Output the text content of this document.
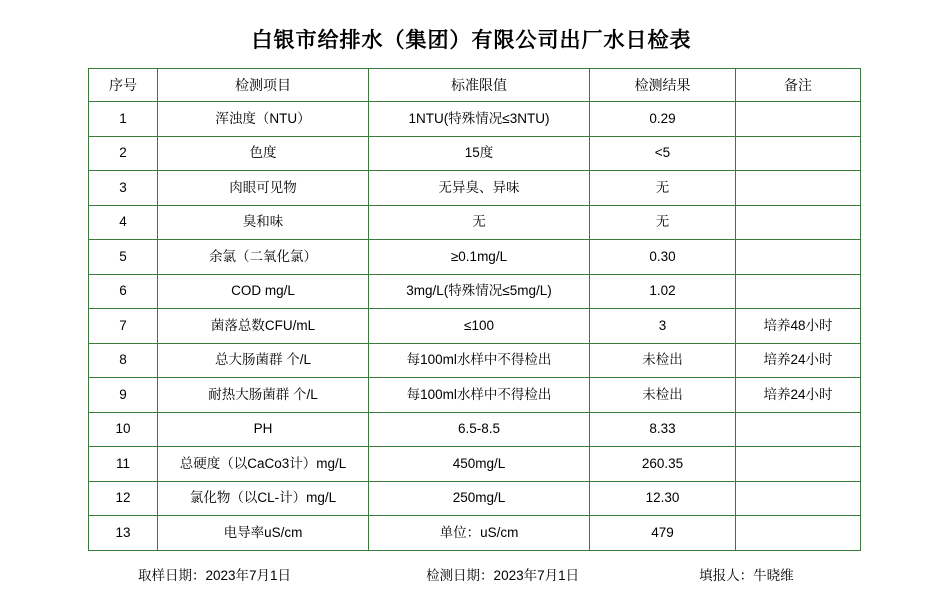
白银市给排水（集团）有限公司出厂水日检表
序号	检测项目	标准限值	检测结果	备注
1	浑浊度（NTU）	1NTU(特殊情况≤3NTU)	0.29	
2	色度	15度	<5	
3	肉眼可见物	无异臭、异味	无	
4	臭和味	无	无	
5	余氯（二氧化氯）	≥0.1mg/L	0.30	
6	COD mg/L	3mg/L(特殊情况≤5mg/L)	1.02	
7	菌落总数CFU/mL	≤100	3	培养48小时
8	总大肠菌群 个/L	每100ml水样中不得检出	未检出	培养24小时
9	耐热大肠菌群 个/L	每100ml水样中不得检出	未检出	培养24小时
10	PH	6.5-8.5	8.33	
11	总硬度（以CaCo3计）mg/L	450mg/L	260.35	
12	氯化物（以CL-计）mg/L	250mg/L	12.30	
13	电导率uS/cm	单位：uS/cm	479	
取样日期：2023年7月1日	检测日期：2023年7月1日	填报人：牛晓维
